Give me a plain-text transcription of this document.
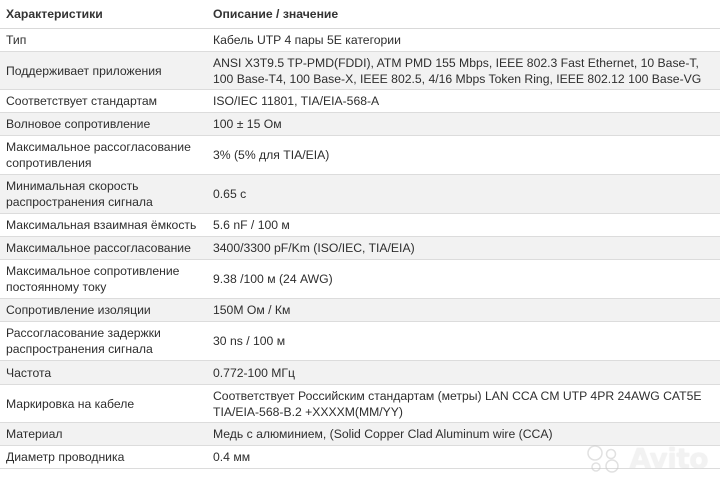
Характеристики	Описание / значение
Тип	Кабель UTP 4 пары 5E категории
Поддерживает приложения	ANSI X3T9.5 TP-PMD(FDDI), ATM PMD 155 Mbps, IEEE 802.3 Fast Ethernet, 10 Base-T, 100 Base-T4, 100 Base-X, IEEE 802.5, 4/16 Mbps Token Ring, IEEE 802.12 100 Base-VG
Соответствует стандартам	ISO/IEC 11801, TIA/EIA-568-A
Волновое сопротивление	100 ± 15 Ом
Максимальное рассогласование сопротивления	3% (5% для TIA/EIA)
Минимальная скорость распространения сигнала	0.65 с
Максимальная взаимная ёмкость	5.6 nF / 100 м
Максимальное рассогласование	3400/3300 pF/Km (ISO/IEC, TIA/EIA)
Максимальное сопротивление постоянному току	9.38 /100 м (24 AWG)
Сопротивление изоляции	150М Ом / Км
Рассогласование задержки распространения сигнала	30 ns / 100 м
Частота	0.772-100 МГц
Маркировка на кабеле	Соответствует Российским стандартам (метры) LAN CCA CM UTP 4PR 24AWG CAT5E TIA/EIA-568-B.2 +XXXXM(MM/YY)
Материал	Медь с алюминием, (Solid Copper Clad Aluminum wire (CCA)
Диаметр проводника	0.4 мм	Avito
